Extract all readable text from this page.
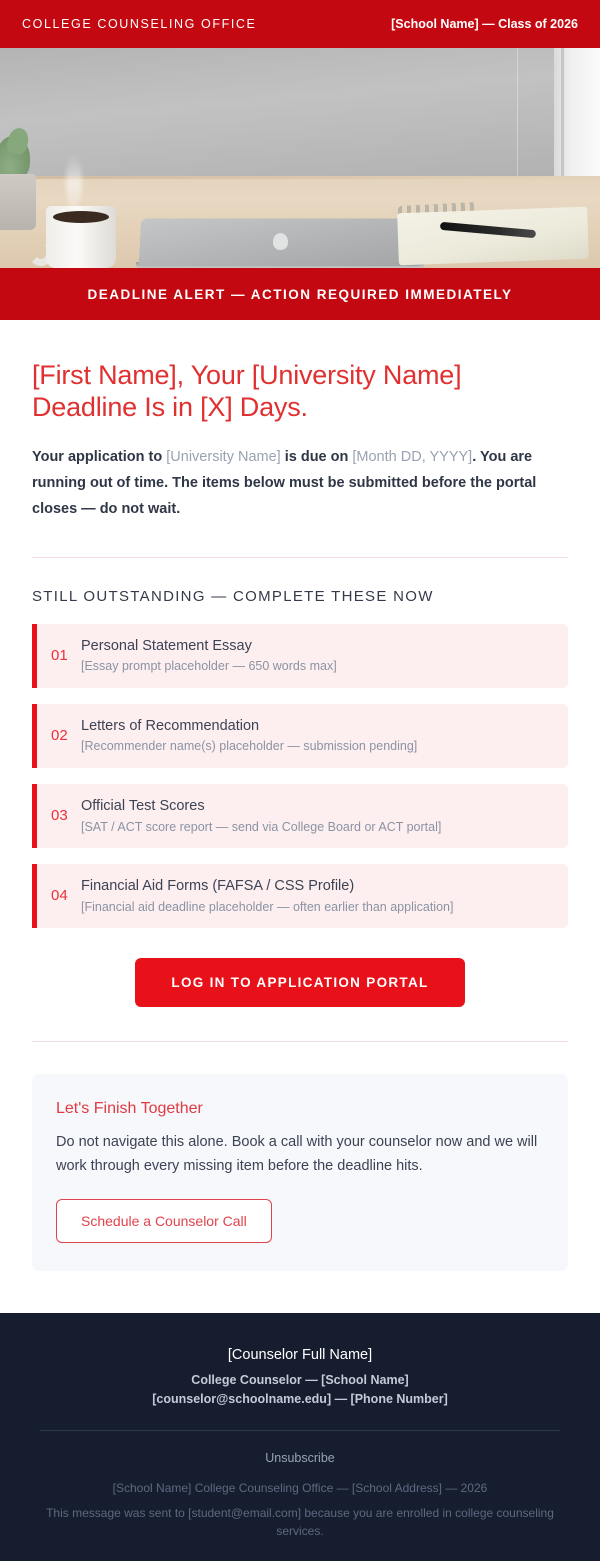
COLLEGE COUNSELING OFFICE	[School Name] — Class of 2026
DEADLINE ALERT — ACTION REQUIRED IMMEDIATELY
[First Name], Your [University Name] Deadline Is in [X] Days.

Your application to [University Name] is due on [Month DD, YYYY]. You are running out of time. The items below must be submitted before the portal closes — do not wait.

STILL OUTSTANDING — COMPLETE THESE NOW
01
Personal Statement Essay
[Essay prompt placeholder — 650 words max]
02
Letters of Recommendation
[Recommender name(s) placeholder — submission pending]
03
Official Test Scores
[SAT / ACT score report — send via College Board or ACT portal]
04
Financial Aid Forms (FAFSA / CSS Profile)
[Financial aid deadline placeholder — often earlier than application]
LOG IN TO APPLICATION PORTAL
Let's Finish Together
Do not navigate this alone. Book a call with your counselor now and we will work through every missing item before the deadline hits.
Schedule a Counselor Call
[Counselor Full Name]
College Counselor — [School Name]
[counselor@schoolname.edu] — [Phone Number]
Unsubscribe
[School Name] College Counseling Office — [School Address] — 2026
This message was sent to [student@email.com] because you are enrolled in college counseling services.
